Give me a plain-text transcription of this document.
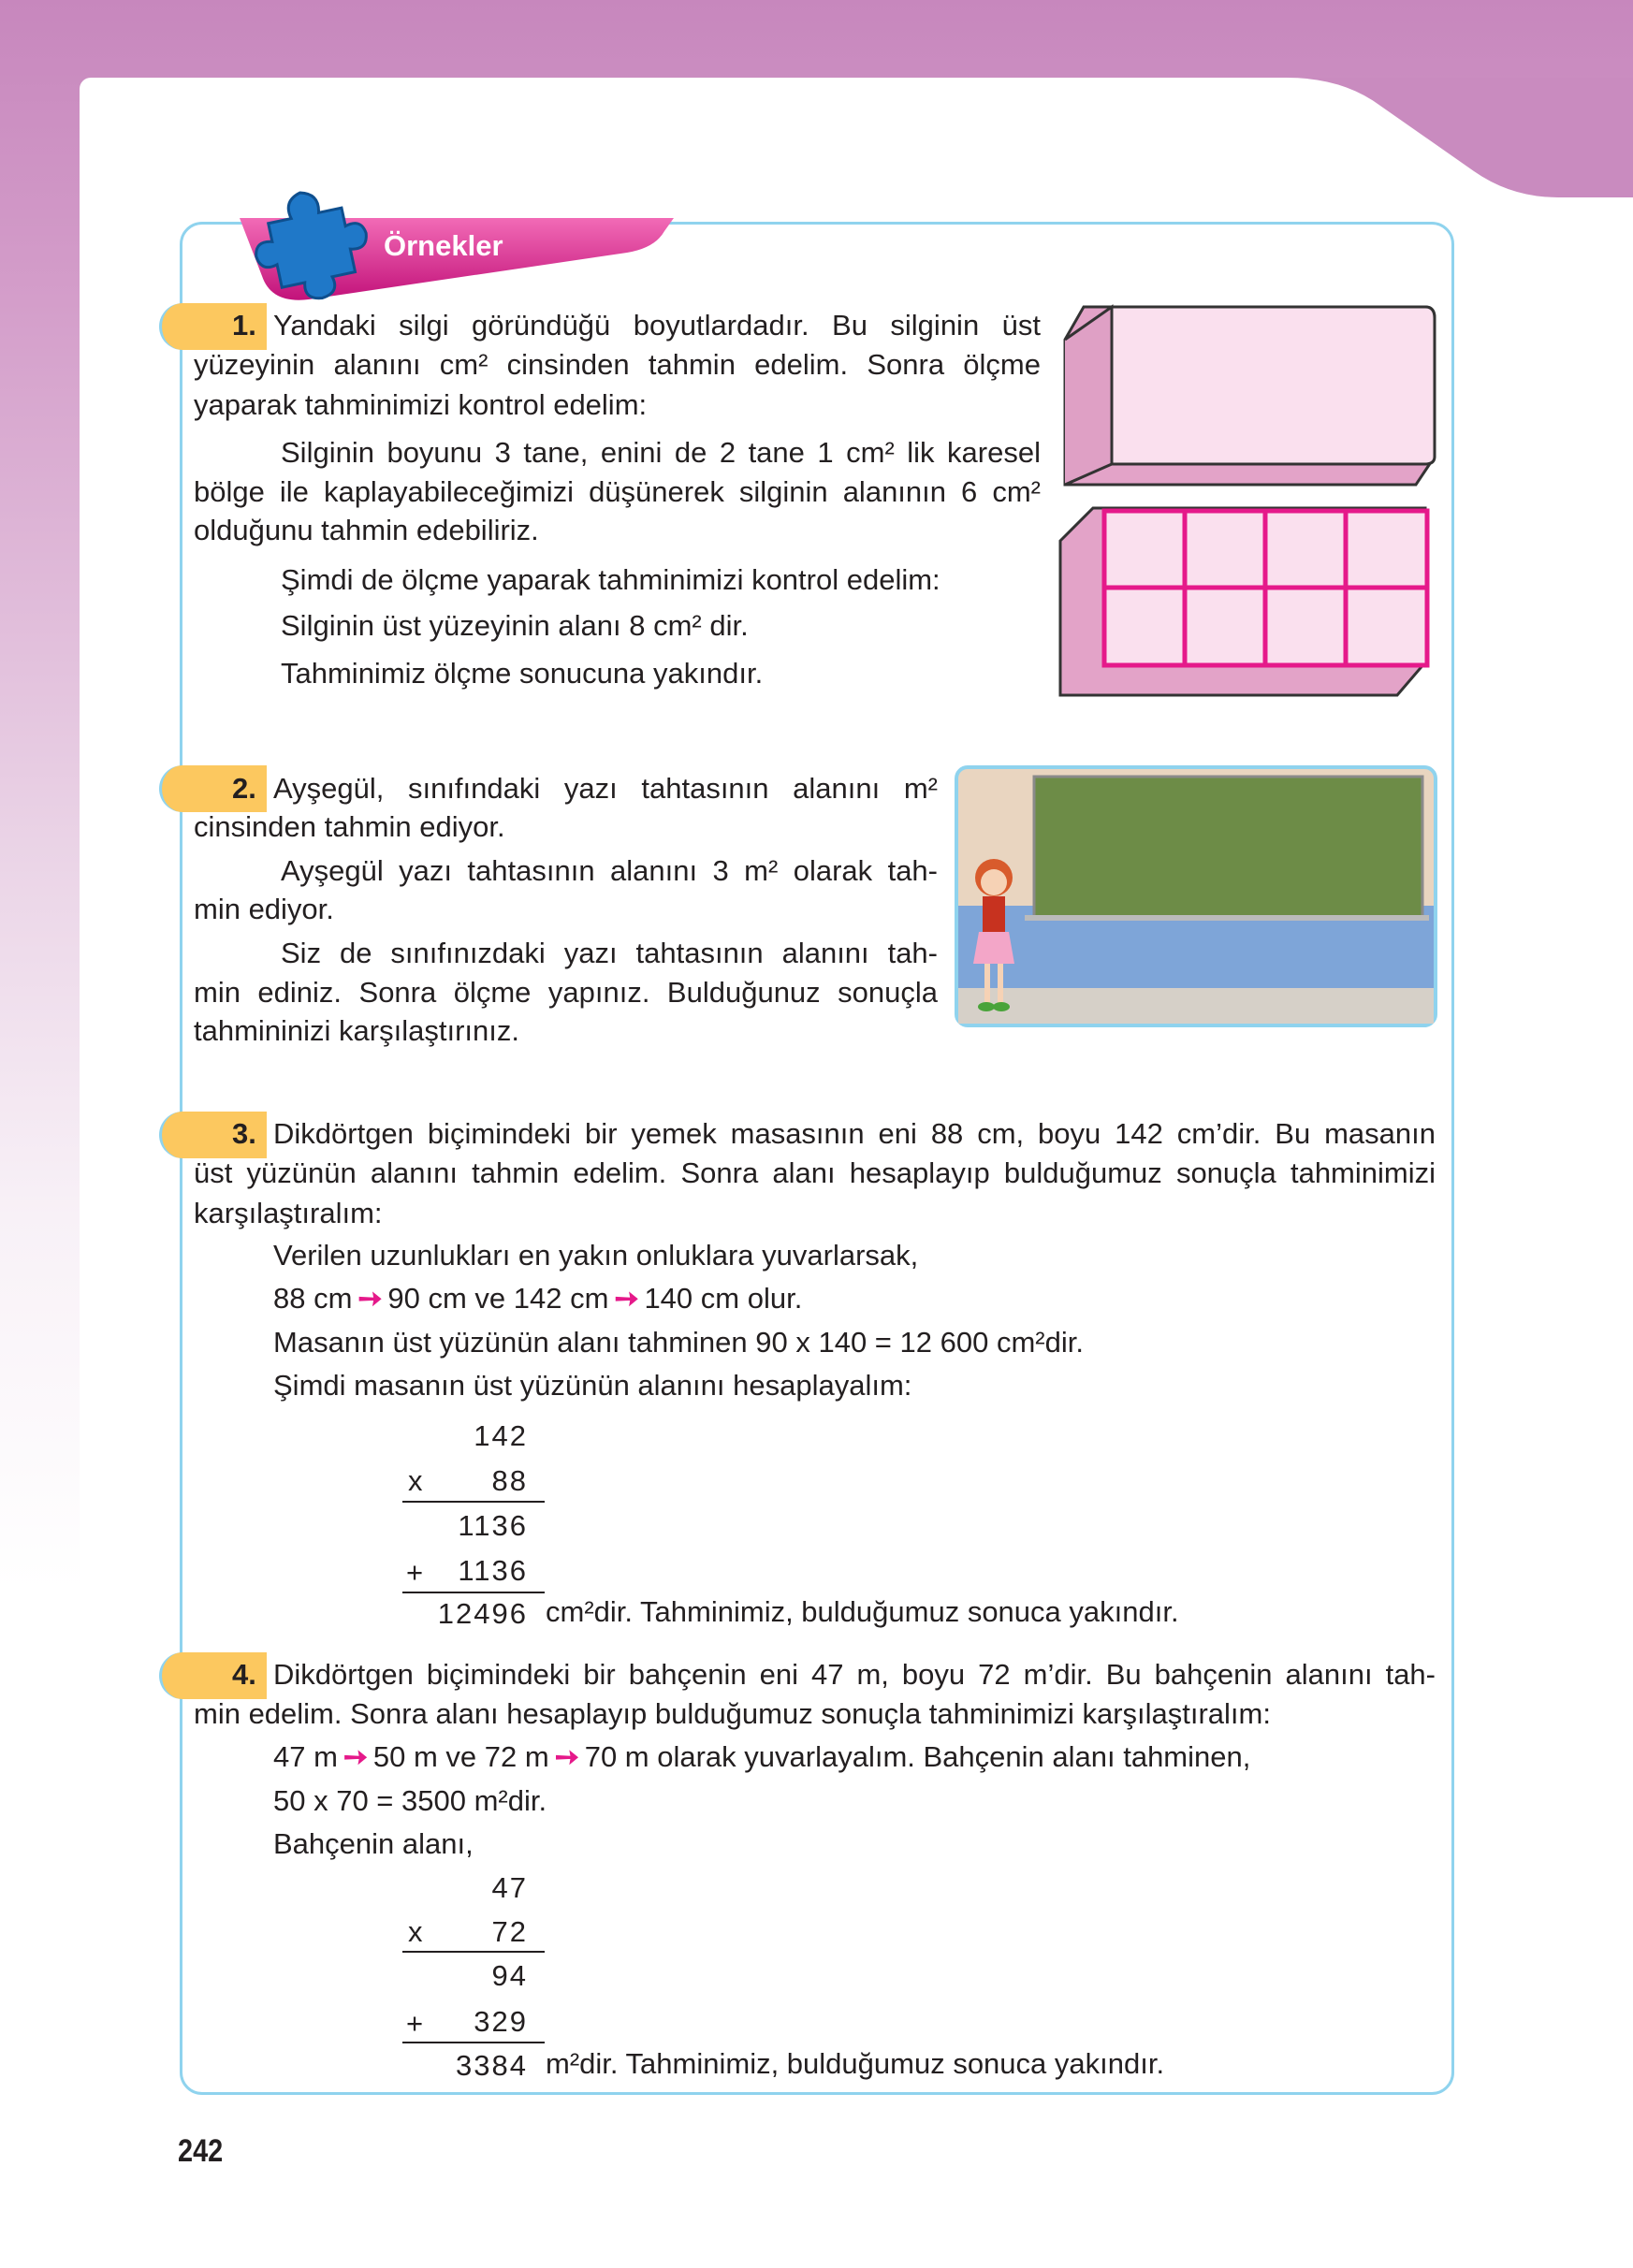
Örnekler
1. Yandaki silgi göründüğü boyutlardadır. Bu silginin üst
yüzeyinin alanını cm² cinsinden tahmin edelim. Sonra ölçme
yaparak tahminimizi kontrol edelim:
Silginin boyunu 3 tane, enini de 2 tane 1 cm² lik karesel
bölge ile kaplayabileceğimizi düşünerek silginin alanının 6 cm²
olduğunu tahmin edebiliriz.
Şimdi de ölçme yaparak tahminimizi kontrol edelim:
Silginin üst yüzeyinin alanı 8 cm² dir.
Tahminimiz ölçme sonucuna yakındır.
2. Ayşegül, sınıfındaki yazı tahtasının alanını m²
cinsinden tahmin ediyor.
Ayşegül yazı tahtasının alanını 3 m² olarak tah-
min ediyor.
Siz de sınıfınızdaki yazı tahtasının alanını tah-
min ediniz. Sonra ölçme yapınız. Bulduğunuz sonuçla
tahmininizi karşılaştırınız.
3. Dikdörtgen biçimindeki bir yemek masasının eni 88 cm, boyu 142 cm’dir. Bu masanın
üst yüzünün alanını tahmin edelim. Sonra alanı hesaplayıp bulduğumuz sonuçla tahminimizi
karşılaştıralım:
Verilen uzunlukları en yakın onluklara yuvarlarsak,
88 cm ➙ 90 cm ve 142 cm ➙ 140 cm olur.
Masanın üst yüzünün alanı tahminen 90 x 140 = 12 600 cm²dir.
Şimdi masanın üst yüzünün alanını hesaplayalım:
142
x	88
1136
+	1136
12496 cm²dir. Tahminimiz, bulduğumuz sonuca yakındır.
4. Dikdörtgen biçimindeki bir bahçenin eni 47 m, boyu 72 m’dir. Bu bahçenin alanını tah-
min edelim. Sonra alanı hesaplayıp bulduğumuz sonuçla tahminimizi karşılaştıralım:
47 m ➙ 50 m ve 72 m ➙ 70 m olarak yuvarlayalım. Bahçenin alanı tahminen,
50 x 70 = 3500 m²dir.
Bahçenin alanı,
47
x	72
94
+	329
3384 m²dir. Tahminimiz, bulduğumuz sonuca yakındır.
242
